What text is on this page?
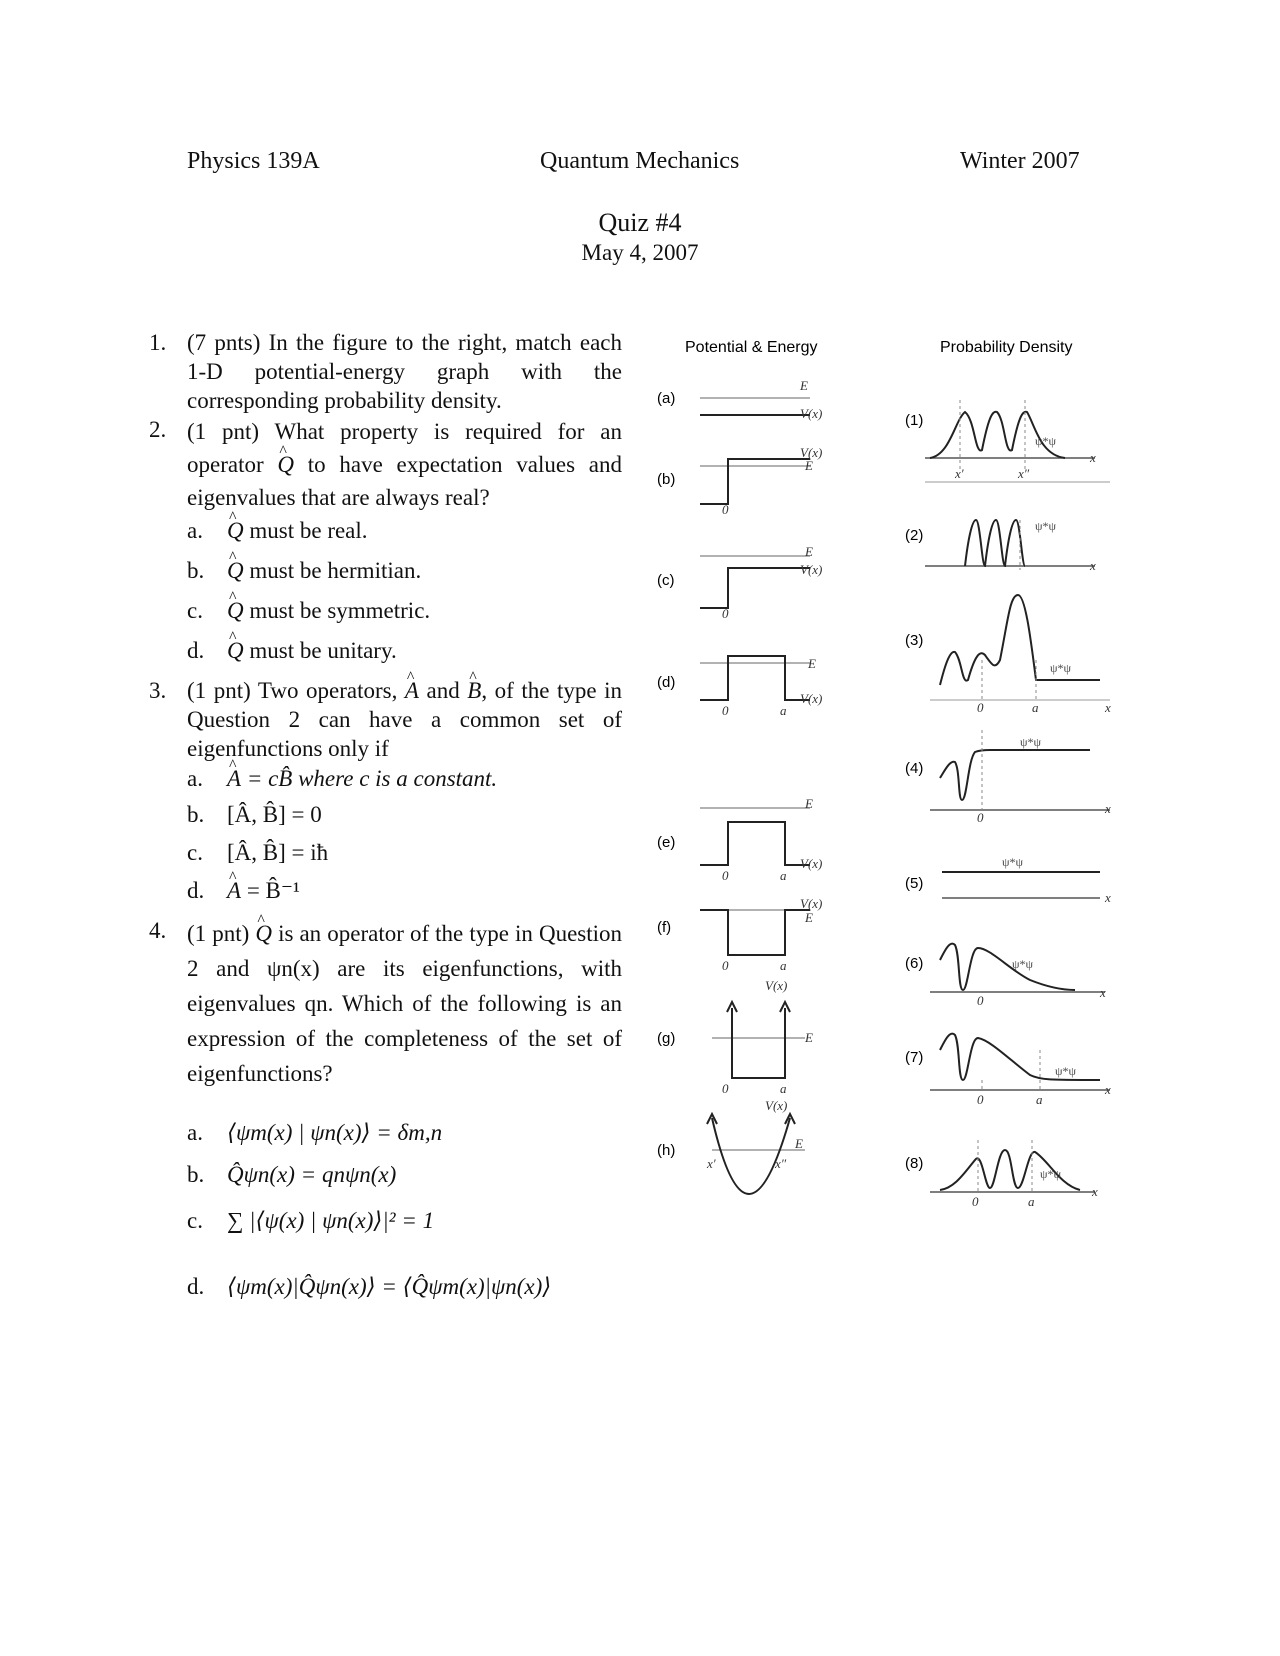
Physics 139A	Quantum Mechanics	Winter 2007
Quiz #4
May 4, 2007
1. (7 pnts) In the figure to the right, match each 1-D potential-energy graph with the corresponding probability density.
2. (1 pnt) What property is required for an operator ^ Q to have expectation values and eigenvalues that are always real?
a. ^ Q must be real.
b. ^ Q must be hermitian.
c. ^ Q must be symmetric.
d. ^ Q must be unitary.
3. (1 pnt) Two operators, ^ A and ^ B, of the type in Question 2 can have a common set of eigenfunctions only if
a. ^ A = cB̂ where c is a constant.
b. [Â, B̂] = 0
c. [Â, B̂] = iħ
d. ^ A = B̂⁻¹
4. (1 pnt) ^ Q is an operator of the type in Question 2 and ψn(x) are its eigenfunctions, with eigenvalues qn. Which of the following is an expression of the completeness of the set of eigenfunctions?
a. ⟨ψm(x) | ψn(x)⟩ = δm,n
b. Q̂ψn(x) = qnψn(x)
c. ∑ |⟨ψ(x) | ψn(x)⟩|² = 1
d. ⟨ψm(x)|Q̂ψn(x)⟩ = ⟨Q̂ψm(x)|ψn(x)⟩
Potential & Energy	Probability Density
(a)
(b)
(c)
(d)
(e)
(f)
(g)
(h)
(1)
(2)
(3)
(4)
(5)
(6)
(7)
(8)
E
V(x)
V(x)
E
0
E
V(x)
0
E
V(x)
0	a
E
V(x)
0	a
V(x)
E
0	a
V(x)
E
0	a
V(x)
E
x′	x″
x
x
x
x
x
x
x
x
x′	x″
0	a
0
0
0	a
0	a
ψ*ψ
ψ*ψ
ψ*ψ
ψ*ψ
ψ*ψ
ψ*ψ
ψ*ψ
ψ*ψ
